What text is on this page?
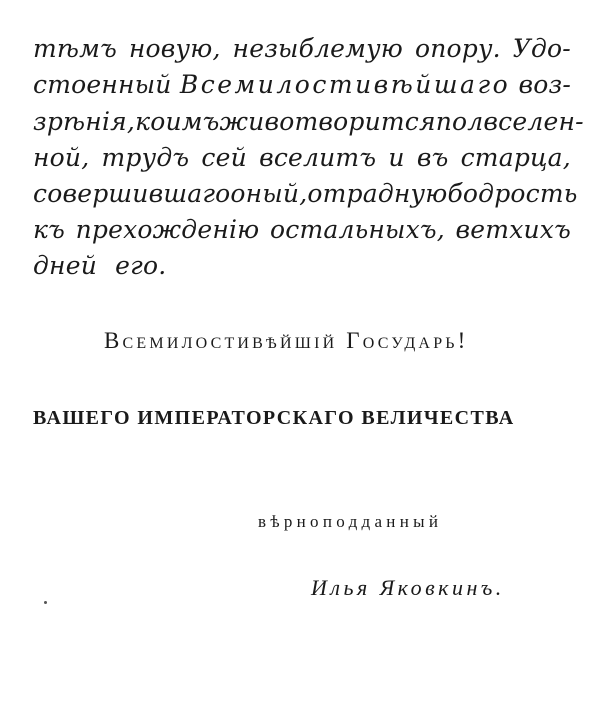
тѣмъ новую, незыблемую опору. Удо-
стоенный Всемилостивѣйшаго воз-
зрѣнія, коимъ животворится полвселен-
ной, трудъ сей вселитъ и въ старца,
совершившаго оный, отрадную бодрость
къ прехожденію остальныхъ, ветхихъ
дней его.
Всемилостивѣйшій Государь!
ВАШЕГО ИМПЕРАТОРСКАГО ВЕЛИЧЕСТВА
вѣрноподданный
Илья Яковкинъ.
